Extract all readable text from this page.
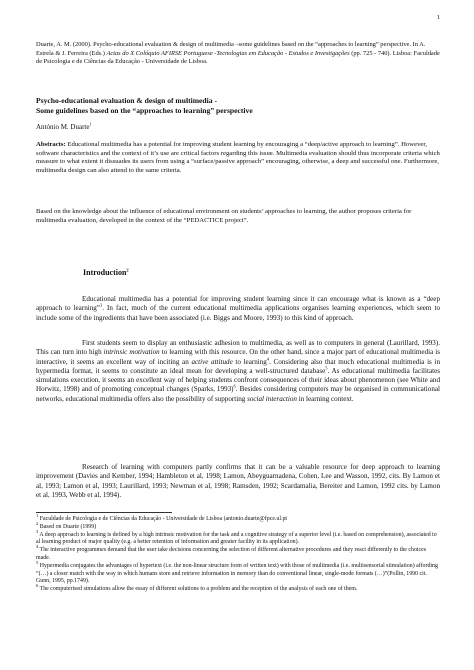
1
Duarte, A. M. (2000). Psycho-educational evaluation & design of multimedia –some guidelines based on the “approaches to learning” perspective. In A. Estrela & J. Ferreira (Eds.) Actas do X Colóquio AFIRSE Portuguese -Tecnologias em Educação - Estudos e Investigações (pp. 725 - 740). Lisboa: Faculdade de Psicologia e de Ciências da Educação - Universidade de Lisboa.
Psycho-educational evaluation & design of multimedia -
Some guidelines based on the “approaches to learning” perspective
António M. Duarte$^1$
Abstracts: Educational multimedia has a potential for improving student learning by encouraging a “deep/active approach to learning”. However, software characteristics and the context of it’s use are critical factors regarding this issue. Multimedia evaluation should thus incorporate criteria which measure to what extent it dissuades its users from using a “surface/passive approach” encouraging, otherwise, a deep and successful one. Furthermore, multimedia design can also attend to the same criteria.
Based on the knowledge about the influence of educational environment on students’ approaches to learning, the author proposes criteria for multimedia evaluation, developed in the context of the “PEDACTICE project”.
Introduction$^2$
Educational multimedia has a potential for improving student learning since it can encourage what is known as a “deep approach to learning”$^3$. In fact, much of the current educational multimedia applications organises learning experiences, which seem to include some of the ingredients that have been associated (i.e. Biggs and Moore, 1993) to this kind of approach.
First students seem to display an enthusiastic adhesion to multimedia, as well as to computers in general (Laurillard, 1993). This can turn into high intrinsic motivation to learning with this resource. On the other hand, since a major part of educational multimedia is interactive, it seems an excellent way of inciting an active attitude to learning$^4$. Considering also that much educational multimedia is in hypermedia format, it seems to constitute an ideal mean for developing a well-structured database$^5$. As educational multimedia facilitates simulations execution, it seems an excellent way of helping students confront consequences of their ideas about phenomenon (see White and Horwitz, 1998) and of promoting conceptual changes (Sparks, 1993)$^6$. Besides considering computers may be organised in communicational networks, educational multimedia offers also the possibility of supporting social interaction in learning context.
Research of learning with computers partly confirms that it can be a valuable resource for deep approach to learning improvement (Davies and Kember, 1994; Hambleton et al, 1998; Lamon, Abeyguarnadena, Cohen, Lee and Wasson, 1992, cits. By Lamon et al, 1993; Lamon et al, 1993; Laurillard, 1993; Newman et al, 1998; Ramsden, 1992; Scardamalia, Bereiter and Lamon, 1992 cits. by Lamon et al, 1993, Webb et al, 1994).
$^1$ Faculdade de Psicologia e de Ciências da Educação - Universidade de Lisboa (antonio.duarte@fpce.ul.pt
$^2$ Based on Duarte (1999)
$^3$ A deep approach to learning is defined by a high intrinsic motivation for the task and a cognitive strategy of a superior level (i.e. based on comprehension), associated to al learning product of major quality (e.g. a better retention of information and greater facility in its application).
$^4$ The interactive programmes demand that the user take decisions concerning the selection of different alternative procedures and they react differently to the choices made.
$^5$ Hypermedia conjugates the advantages of hypertext (i.e. the non-linear structure form of written text) with those of multimedia (i.e. multisensorial stimulation) affording “(…) a closer match with the way in which humans store and retrieve information in memory than do conventional linear, single-mode formats (…)”(Pollin, 1990 cit. Gunn, 1995, pp.1749).
$^6$ The computerised simulations allow the essay of different solutions to a problem and the reception of the analysis of each one of them.
